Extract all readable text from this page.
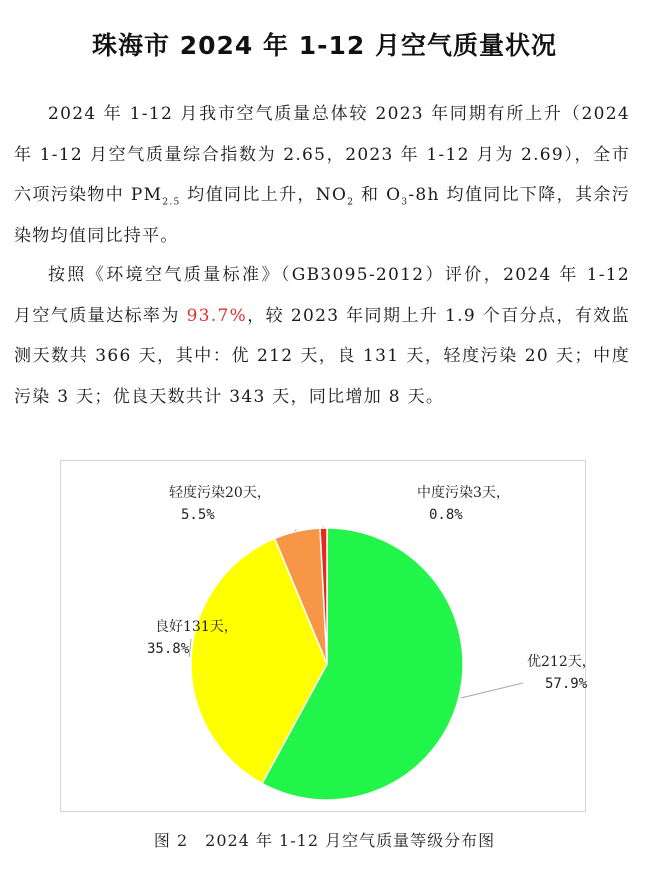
珠海市 2024 年 1-12 月空气质量状况

2024 年 1-12 月我市空气质量总体较 2023 年同期有所上升（2024 年 1-12 月空气质量综合指数为 2.65，2023 年 1-12 月为 2.69），全市六项污染物中 $PM_{2.5}$ 均值同比上升，$NO_2$ 和 $O_3-8h$ 均值同比下降，其余污染物均值同比持平。

按照《环境空气质量标准》（GB3095-2012）评价，2024 年 1-12 月空气质量达标率为 93.7%，较 2023 年同期上升 1.9 个百分点，有效监测天数共 366 天，其中：优 212 天，良 131 天，轻度污染 20 天；中度污染 3 天；优良天数共计 343 天，同比增加 8 天。

优212天，
57.9%
良好131天，
35.8%
轻度污染20天，
5.5%
中度污染3天，
0.8%
图 2　2024 年 1-12 月空气质量等级分布图
